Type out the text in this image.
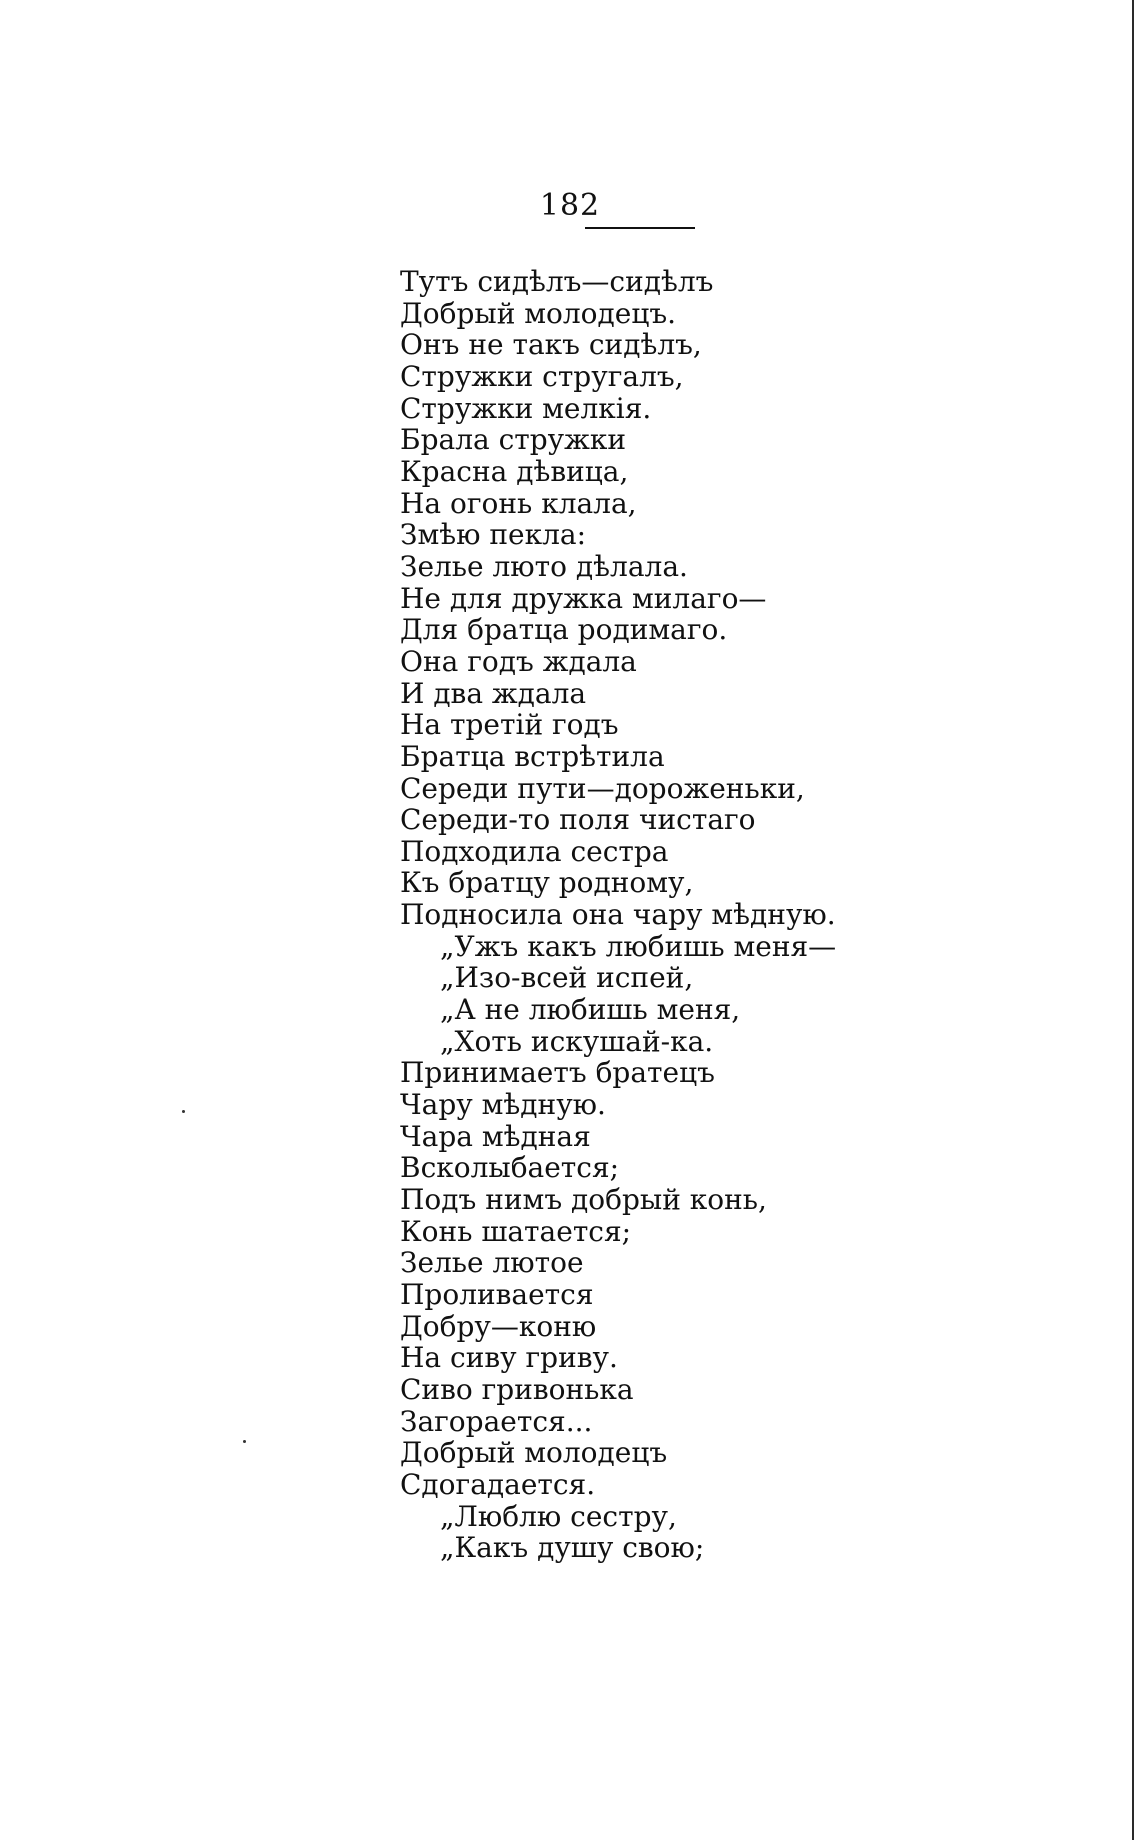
182
Тутъ сидѣлъ—сидѣлъ
Добрый молодецъ.
Онъ не такъ сидѣлъ,
Стружки стругалъ,
Стружки мелкія.
Брала стружки
Красна дѣвица,
На огонь клала,
Змѣю пекла:
Зелье люто дѣлала.
Не для дружка милаго—
Для братца родимаго.
Она годъ ждала
И два ждала
На третій годъ
Братца встрѣтила
Середи пути—дороженьки,
Середи-то поля чистаго
Подходила сестра
Къ братцу родному,
Подносила она чару мѣдную.
„Ужъ какъ любишь меня—
„Изо-всей испей,
„А не любишь меня,
„Хоть искушай-ка.
Принимаетъ братецъ
Чару мѣдную.
Чара мѣдная
Всколыбается;
Подъ нимъ добрый конь,
Конь шатается;
Зелье лютое
Проливается
Добру—коню
На сиву гриву.
Сиво гривонька
Загорается...
Добрый молодецъ
Сдогадается.
„Люблю сестру,
„Какъ душу свою;
